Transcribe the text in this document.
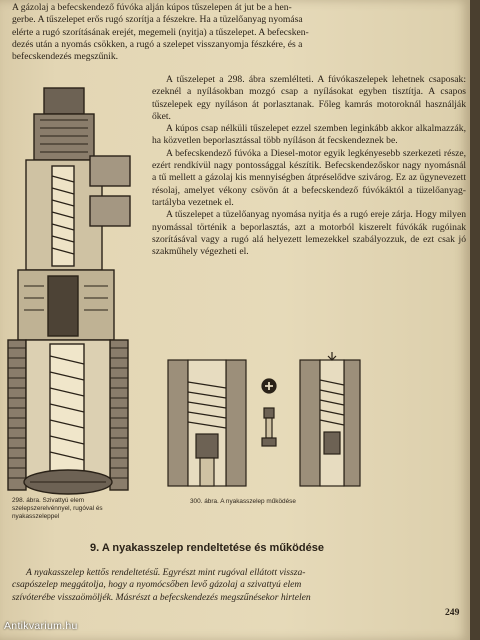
A gázolaj a befecskendező fúvóka alján kúpos tűszelepen át jut be a hen-

gerbe. A tűszelepet erős rugó szorítja a fészekre. Ha a tüzelőanyag nyomása

elérte a rugó szorításának erejét, megemeli (nyitja) a tűszelepet. A befecsken-

dezés után a nyomás csökken, a rugó a szelepet visszanyomja fészkére, és a

befecskendezés megszűnik.

A tűszelepet a 298. ábra szemlélteti. A fúvókaszelepek lehetnek csaposak: ezeknél a nyílásokban mozgó csap a nyílásokat egyben tisztítja. A csapos tűszelepek egy nyíláson át porlasztanak. Főleg kamrás motoroknál használják őket.

A kúpos csap nélküli tűszelepet ezzel szemben leginkább akkor alkalmazzák, ha közvetlen beporlasztással több nyíláson át fecskendeznek be.

A befecskendező fúvóka a Diesel-motor egyik legkényesebb szerkezeti része, ezért rendkívül nagy pontossággal készítik. Befecskendezőskor nagy nyomásnál a tű mellett a gázolaj kis mennyiségben átpréselődve szivárog. Ez az ügynevezett résolaj, amelyet vékony csövön át a befecskendező fúvókáktól a tüzelőanyag-tartályba vezetnek el.

A tűszelepet a tüzelőanyag nyomása nyitja és a rugó ereje zárja. Hogy milyen nyomással történik a beporlasztás, azt a motorból kiszerelt fúvókák rugóinak szorításával vagy a rugó alá helyezett lemezekkel szabályozzuk, de ezt csak jó szakműhely végezheti el.

298. ábra. Szivattyú elem szelepszerelvénnyel, rugóval és nyakasszeleppel
300. ábra. A nyakasszelep működése
9. A nyakasszelep rendeltetése és működése

A nyakasszelep kettős rendeltetésű. Egyrészt mint rugóval ellátott vissza-

csapószelep meggátolja, hogy a nyomócsőben levő gázolaj a szivattyú elem

szívóterébe visszaömöljék. Másrészt a befecskendezés megszűnésekor hirtelen

249
Antikvarium.hu
